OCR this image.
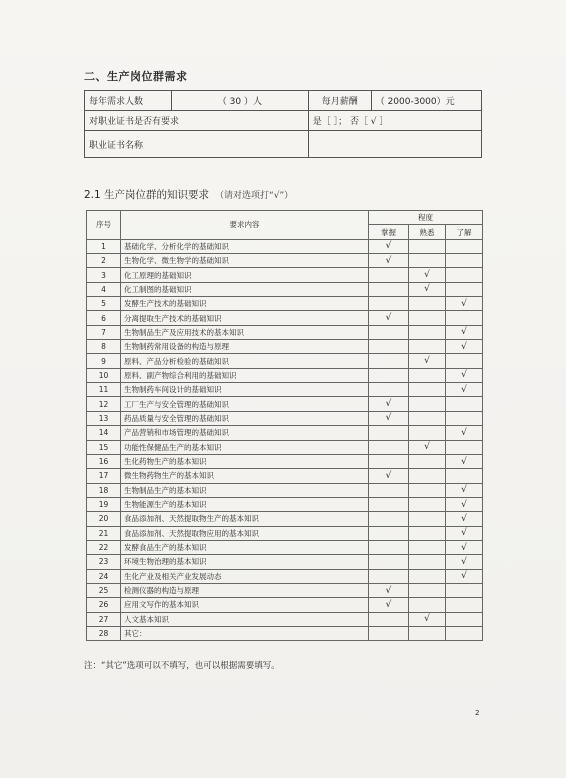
二、生产岗位群需求
每年需求人数	（ 30 ）人	每月薪酬	（ 2000-3000）元
对职业证书是否有要求		是［ ］； 否［ √ ］	
职业证书名称			
2.1 生产岗位群的知识要求 （请对选项打“√”）
序号	要求内容	程度		
		掌握	熟悉	了解
1	基础化学、分析化学的基础知识	√		
2	生物化学、微生物学的基础知识	√		
3	化工原理的基础知识		√	
4	化工制图的基础知识		√	
5	发酵生产技术的基础知识			√
6	分离提取生产技术的基础知识	√		
7	生物制品生产及应用技术的基本知识			√
8	生物制药常用设备的构造与原理			√
9	原料、产品分析检验的基础知识		√	
10	原料、副产物综合利用的基础知识			√
11	生物制药车间设计的基础知识			√
12	工厂生产与安全管理的基础知识	√		
13	药品质量与安全管理的基础知识	√		
14	产品营销和市场管理的基础知识			√
15	功能性保健品生产的基本知识		√	
16	生化药物生产的基本知识			√
17	微生物药物生产的基本知识	√		
18	生物制品生产的基本知识			√
19	生物能源生产的基本知识			√
20	食品添加剂、天然提取物生产的基本知识			√
21	食品添加剂、天然提取物应用的基本知识			√
22	发酵食品生产的基本知识			√
23	环境生物治理的基本知识			√
24	生化产业及相关产业发展动态			√
25	检测仪器的构造与原理	√		
26	应用文写作的基本知识	√		
27	人文基本知识		√	
28	其它：			
注：“其它”选项可以不填写，也可以根据需要填写。
2
